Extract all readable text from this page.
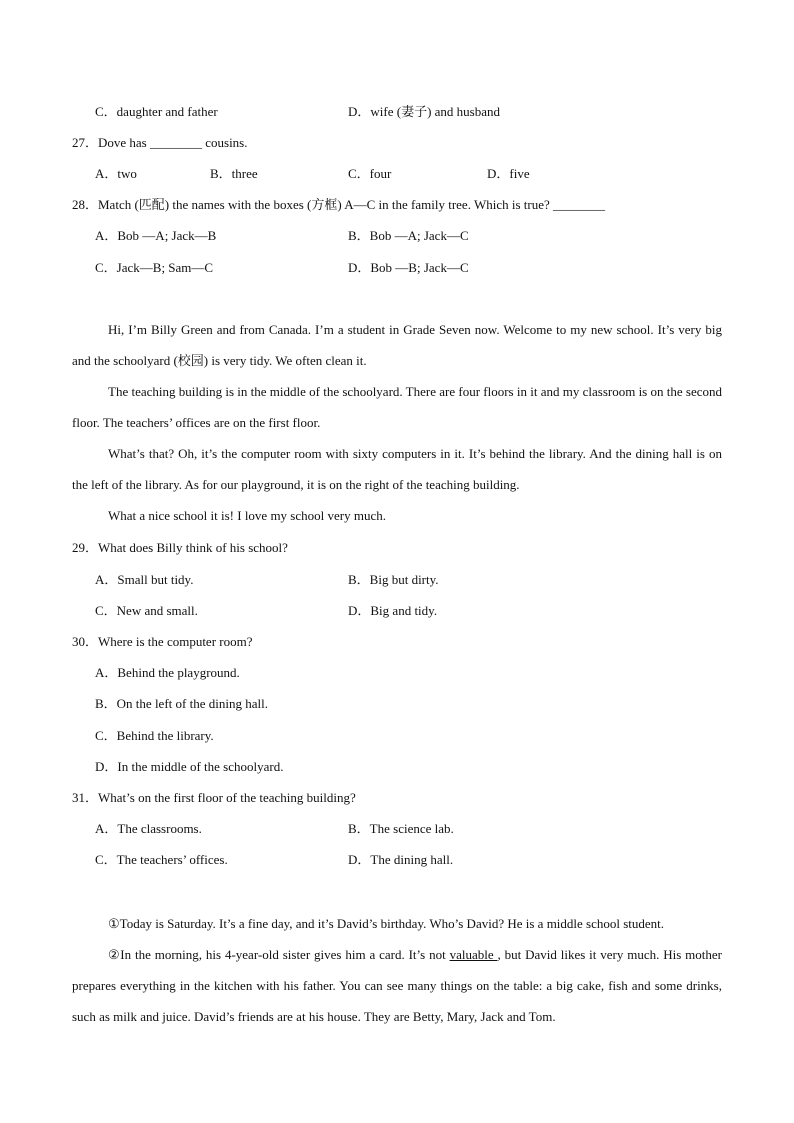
C．daughter and father	D．wife (妻子) and husband
27．Dove has ________ cousins.
A．two	B．three	C．four	D．five
28．Match (匹配) the names with the boxes (方框) A—C in the family tree. Which is true? ________
A．Bob —A; Jack—B	B．Bob —A; Jack—C
C．Jack—B; Sam—C	D．Bob —B; Jack—C

Hi, I’m Billy Green and from Canada. I’m a student in Grade Seven now. Welcome to my new school. It’s very big and the schoolyard (校园) is very tidy. We often clean it.

The teaching building is in the middle of the schoolyard. There are four floors in it and my classroom is on the second floor. The teachers’ offices are on the first floor.

What’s that? Oh, it’s the computer room with sixty computers in it. It’s behind the library. And the dining hall is on the left of the library. As for our playground, it is on the right of the teaching building.

What a nice school it is! I love my school very much.

29．What does Billy think of his school?
A．Small but tidy.	B．Big but dirty.
C．New and small.	D．Big and tidy.
30．Where is the computer room?
A．Behind the playground.
B．On the left of the dining hall.
C．Behind the library.
D．In the middle of the schoolyard.
31．What’s on the first floor of the teaching building?
A．The classrooms.	B．The science lab.
C．The teachers’ offices.	D．The dining hall.

①Today is Saturday. It’s a fine day, and it’s David’s birthday. Who’s David? He is a middle school student.

②In the morning, his 4-year-old sister gives him a card. It’s not valuable , but David likes it very much. His mother prepares everything in the kitchen with his father. You can see many things on the table: a big cake, fish and some drinks, such as milk and juice. David’s friends are at his house. They are Betty, Mary, Jack and Tom.
